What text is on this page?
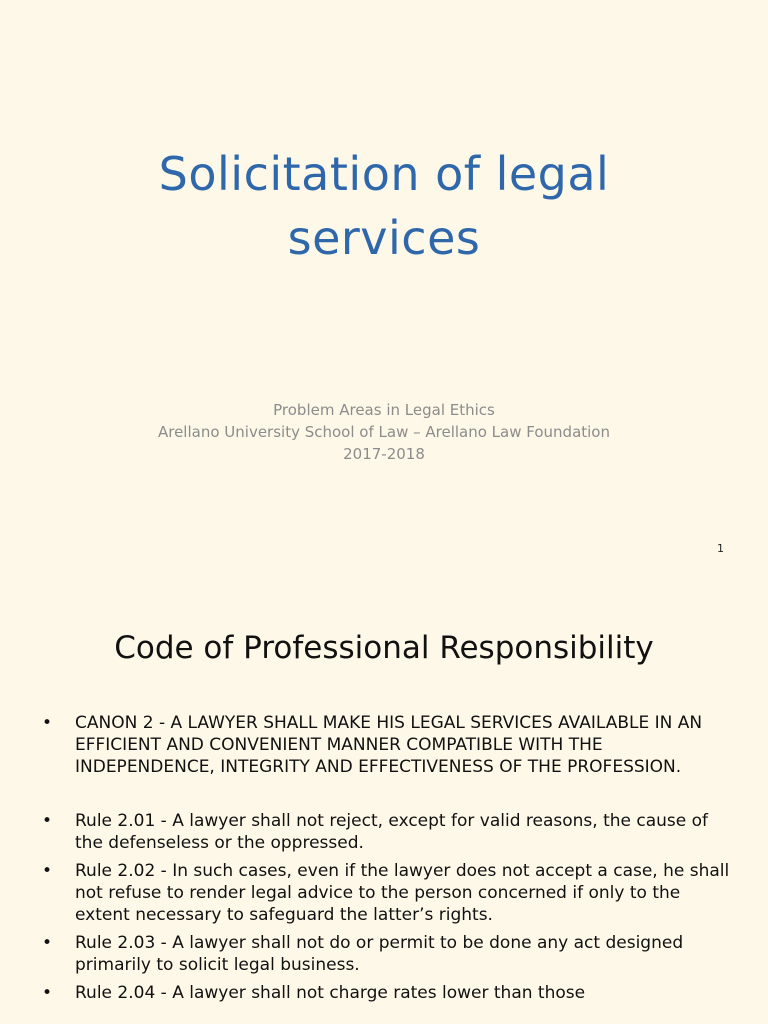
Solicitation of legal
services
Problem Areas in Legal Ethics
Arellano University School of Law – Arellano Law Foundation
2017-2018
1
Code of Professional Responsibility
• CANON 2 - A LAWYER SHALL MAKE HIS LEGAL SERVICES AVAILABLE IN AN EFFICIENT AND CONVENIENT MANNER COMPATIBLE WITH THE INDEPENDENCE, INTEGRITY AND EFFECTIVENESS OF THE PROFESSION.
• Rule 2.01 - A lawyer shall not reject, except for valid reasons, the cause of the defenseless or the oppressed.
• Rule 2.02 - In such cases, even if the lawyer does not accept a case, he shall not refuse to render legal advice to the person concerned if only to the extent necessary to safeguard the latter’s rights.
• Rule 2.03 - A lawyer shall not do or permit to be done any act designed primarily to solicit legal business.
• Rule 2.04 - A lawyer shall not charge rates lower than those
